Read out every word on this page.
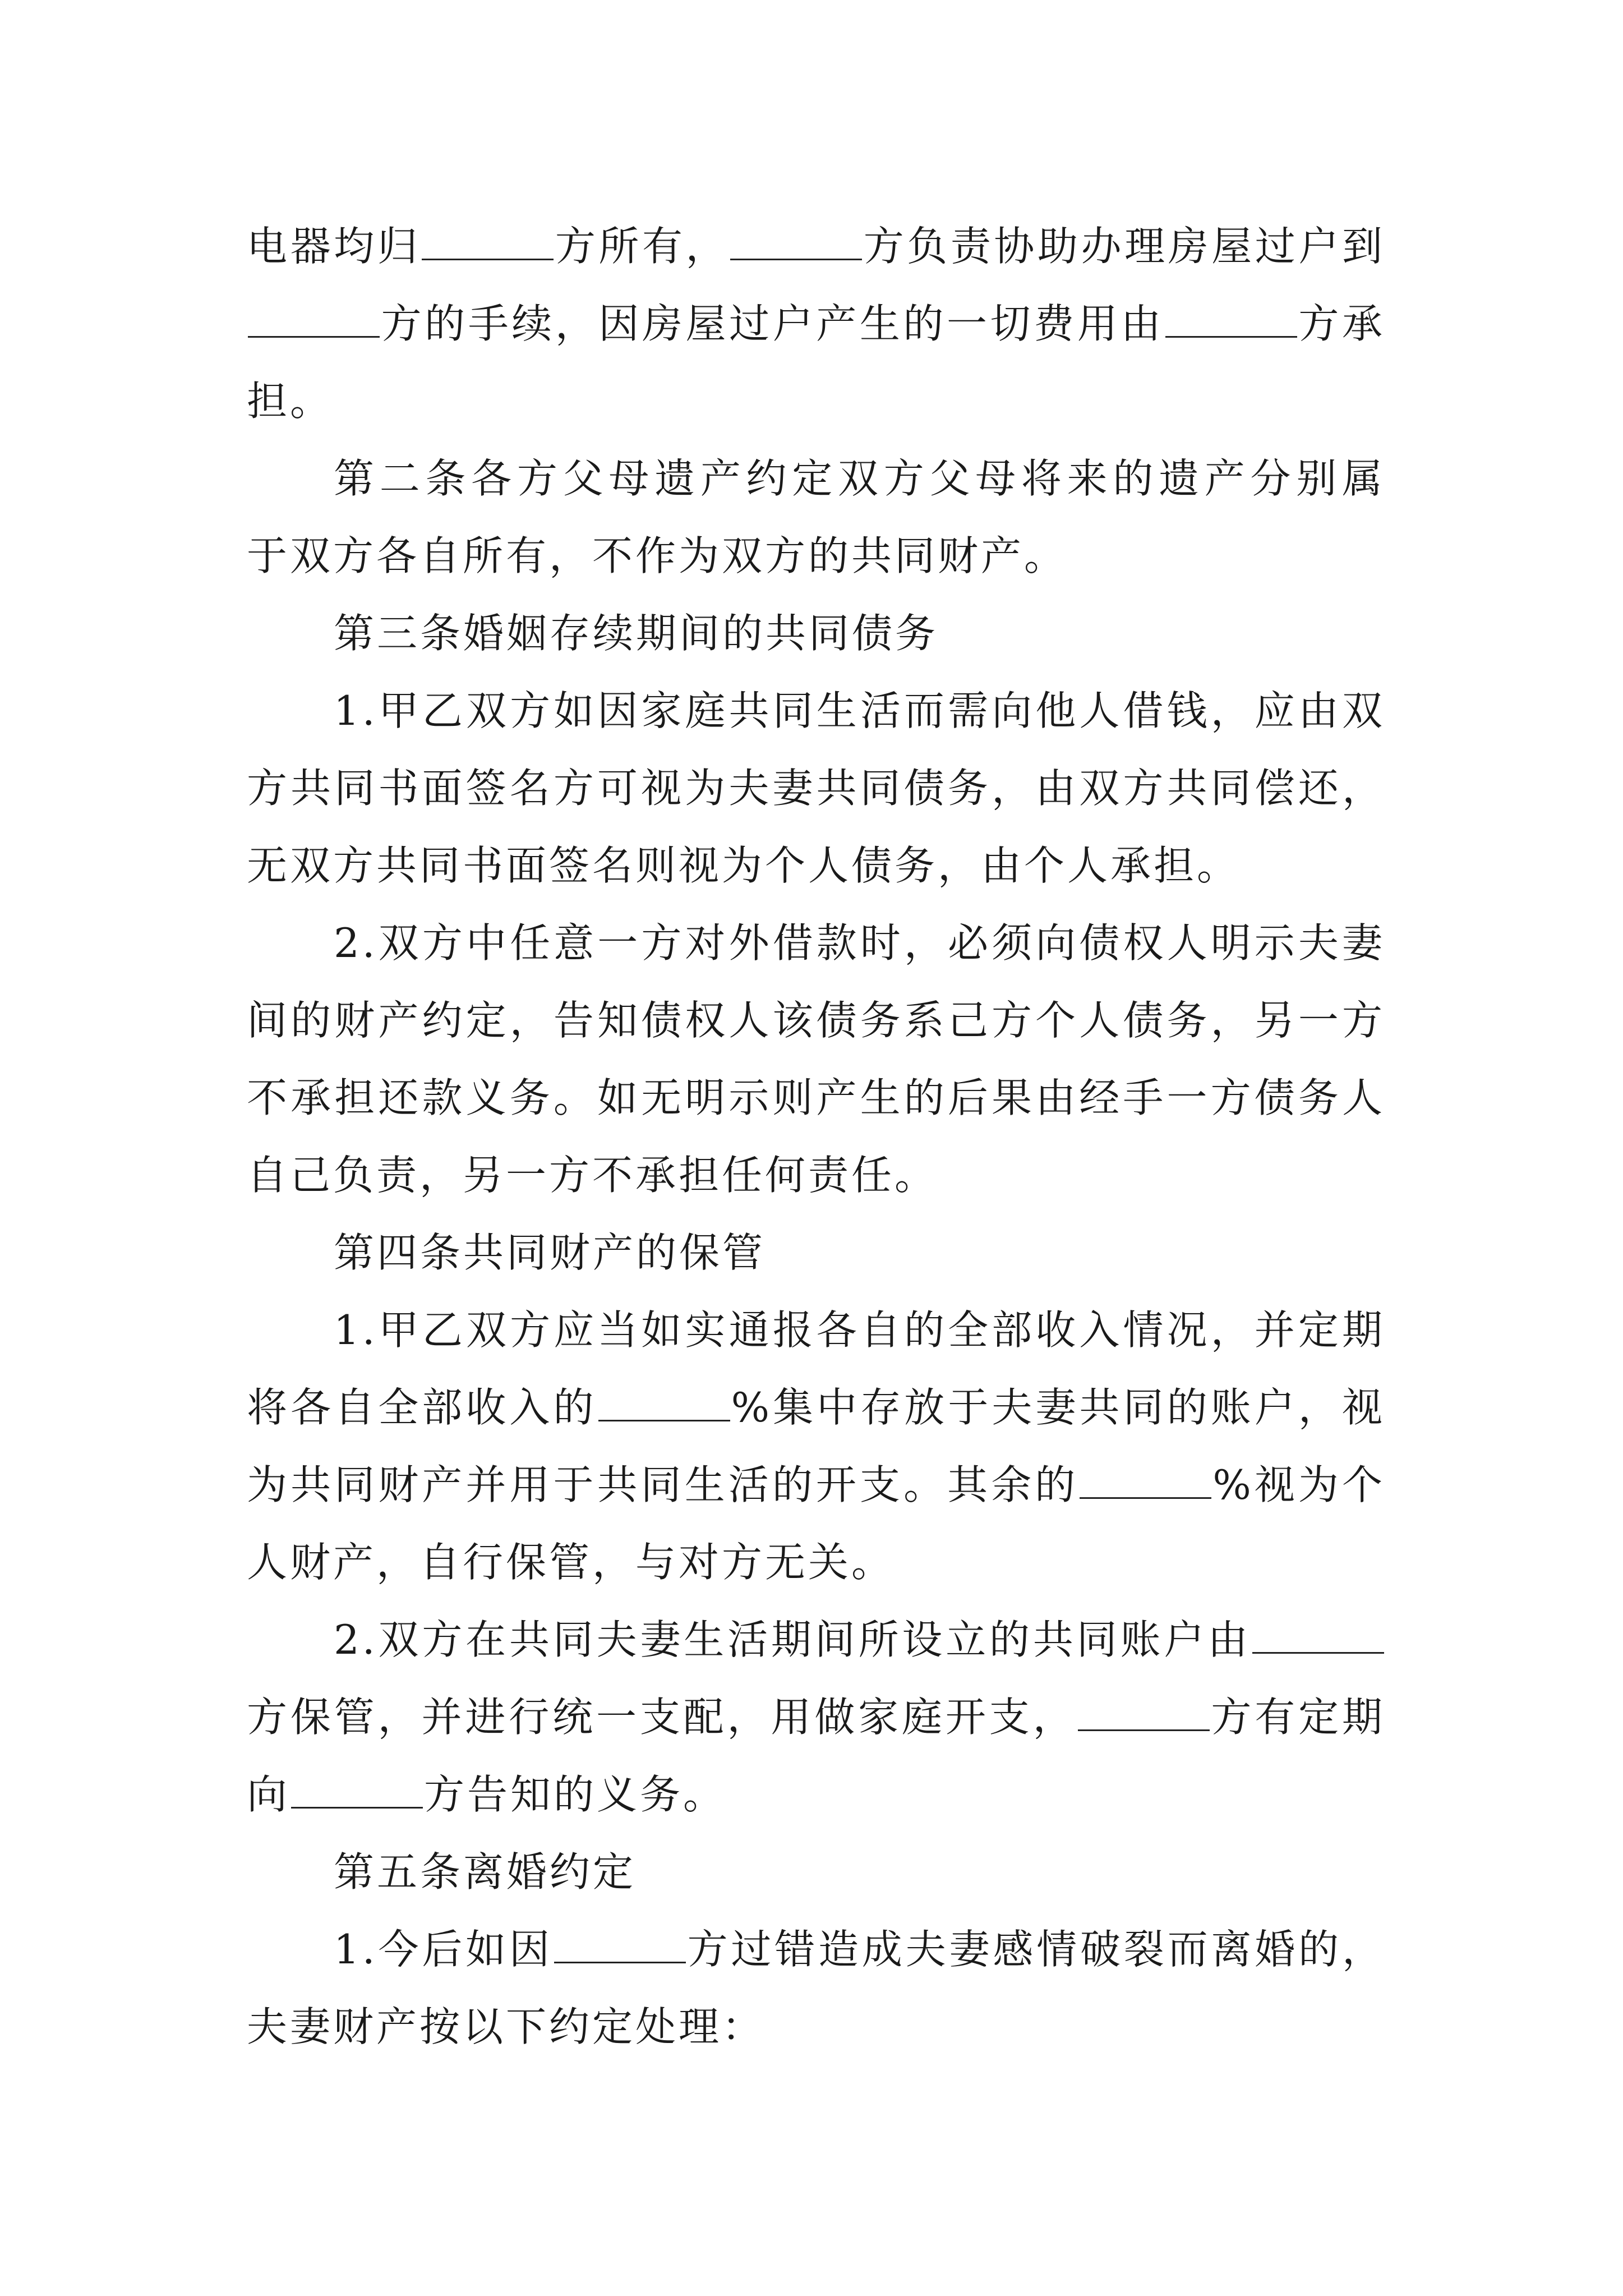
电器均归	方所有，	方负责协助办理房屋过户到
方的手续，因房屋过户产生的一切费用由	方承
担。
第二条各方父母遗产约定双方父母将来的遗产分别属
于双方各自所有，不作为双方的共同财产。
第三条婚姻存续期间的共同债务
1.甲乙双方如因家庭共同生活而需向他人借钱，应由双
方共同书面签名方可视为夫妻共同债务，由双方共同偿还，
无双方共同书面签名则视为个人债务，由个人承担。
2.双方中任意一方对外借款时，必须向债权人明示夫妻
间的财产约定，告知债权人该债务系己方个人债务，另一方
不承担还款义务。如无明示则产生的后果由经手一方债务人
自己负责，另一方不承担任何责任。
第四条共同财产的保管
1.甲乙双方应当如实通报各自的全部收入情况，并定期
将各自全部收入的	%集中存放于夫妻共同的账户，视
为共同财产并用于共同生活的开支。其余的	%视为个
人财产，自行保管，与对方无关。
2.双方在共同夫妻生活期间所设立的共同账户由
方保管，并进行统一支配，用做家庭开支，	方有定期
向	方告知的义务。
第五条离婚约定
1.今后如因	方过错造成夫妻感情破裂而离婚的，
夫妻财产按以下约定处理：
